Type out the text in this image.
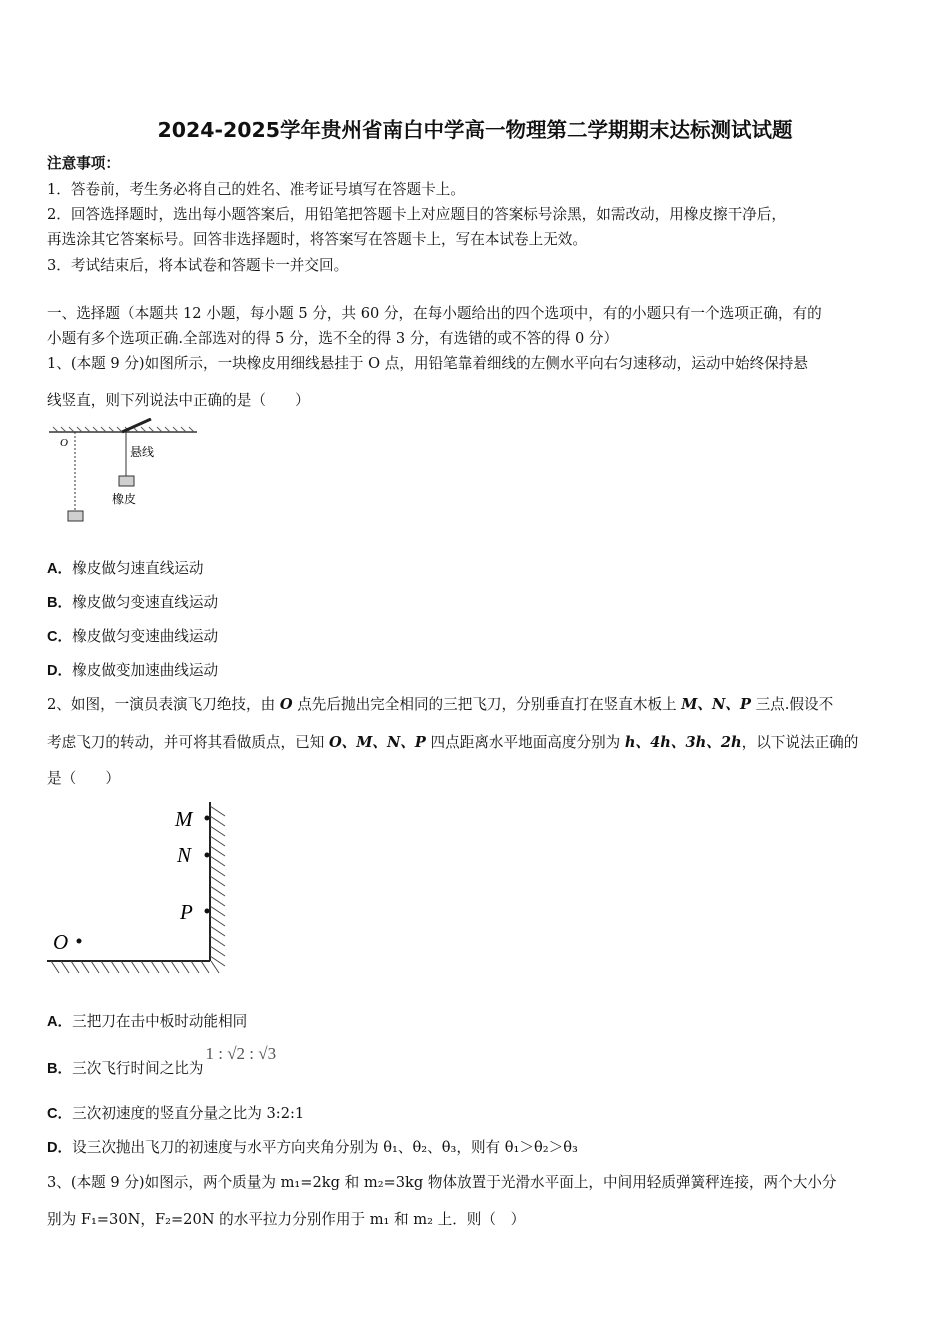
2024-2025学年贵州省南白中学高一物理第二学期期末达标测试试题
注意事项：
1．答卷前，考生务必将自己的姓名、准考证号填写在答题卡上。
2．回答选择题时，选出每小题答案后，用铅笔把答题卡上对应题目的答案标号涂黑，如需改动，用橡皮擦干净后，
再选涂其它答案标号。回答非选择题时，将答案写在答题卡上，写在本试卷上无效。
3．考试结束后，将本试卷和答题卡一并交回。
一、选择题（本题共 12 小题，每小题 5 分，共 60 分，在每小题给出的四个选项中，有的小题只有一个选项正确，有的
小题有多个选项正确.全部选对的得 5 分，选不全的得 3 分，有选错的或不答的得 0 分）
1、(本题 9 分)如图所示，一块橡皮用细线悬挂于 O 点，用铅笔靠着细线的左侧水平向右匀速移动，运动中始终保持悬
线竖直，则下列说法中正确的是（　　）
O
悬线
橡皮
A．橡皮做匀速直线运动
B．橡皮做匀变速直线运动
C．橡皮做匀变速曲线运动
D．橡皮做变加速曲线运动
2、如图，一演员表演飞刀绝技，由 O 点先后抛出完全相同的三把飞刀，分别垂直打在竖直木板上 M、N、P 三点.假设不
考虑飞刀的转动，并可将其看做质点，已知 O、M、N、P 四点距离水平地面高度分别为 h、4h、3h、2h，以下说法正确的
是（　　）
M
N
P
O
A．三把刀在击中板时动能相同
B．三次飞行时间之比为1 : √2 : √3
C．三次初速度的竖直分量之比为 3:2:1
D．设三次抛出飞刀的初速度与水平方向夹角分别为 θ₁、θ₂、θ₃，则有 θ₁＞θ₂＞θ₃
3、(本题 9 分)如图示，两个质量为 m₁=2kg 和 m₂=3kg 物体放置于光滑水平面上，中间用轻质弹簧秤连接，两个大小分
别为 F₁=30N，F₂=20N 的水平拉力分别作用于 m₁ 和 m₂ 上．则（　）
